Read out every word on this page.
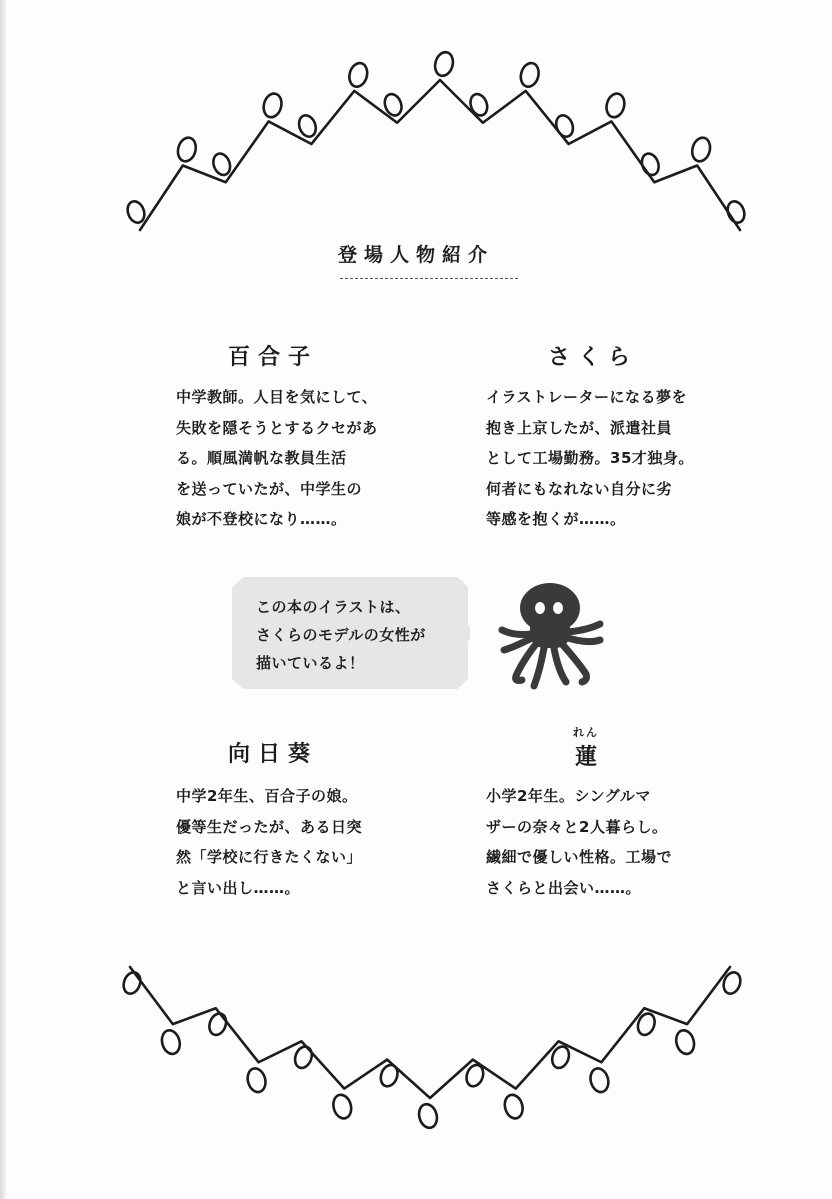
登場人物紹介
百合子
中学教師。人目を気にして、
失敗を隠そうとするクセがあ
る。順風満帆な教員生活
を送っていたが、中学生の
娘が不登校になり……。
さくら
イラストレーターになる夢を
抱き上京したが、派遣社員
として工場勤務。35才独身。
何者にもなれない自分に劣
等感を抱くが……。
この本のイラストは、
さくらのモデルの女性が
描いているよ！
向日葵
中学2年生、百合子の娘。
優等生だったが、ある日突
然「学校に行きたくない」
と言い出し……。
れん
蓮
小学2年生。シングルマ
ザーの奈々と2人暮らし。
繊細で優しい性格。工場で
さくらと出会い……。
